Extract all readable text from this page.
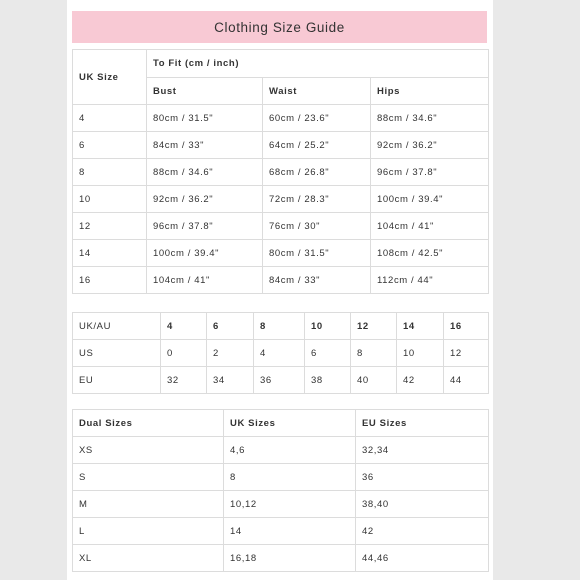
Clothing Size Guide
UK Size	To Fit (cm / inch)		
	Bust	Waist	Hips
4	80cm / 31.5"	60cm / 23.6"	88cm / 34.6"
6	84cm / 33"	64cm / 25.2"	92cm / 36.2"
8	88cm / 34.6"	68cm / 26.8"	96cm / 37.8"
10	92cm / 36.2"	72cm / 28.3"	100cm / 39.4"
12	96cm / 37.8"	76cm / 30"	104cm / 41"
14	100cm / 39.4"	80cm / 31.5"	108cm / 42.5"
16	104cm / 41"	84cm / 33"	112cm / 44"
UK/AU	4	6	8	10	12	14	16
US	0	2	4	6	8	10	12
EU	32	34	36	38	40	42	44
Dual Sizes	UK Sizes	EU Sizes
XS	4,6	32,34
S	8	36
M	10,12	38,40
L	14	42
XL	16,18	44,46
